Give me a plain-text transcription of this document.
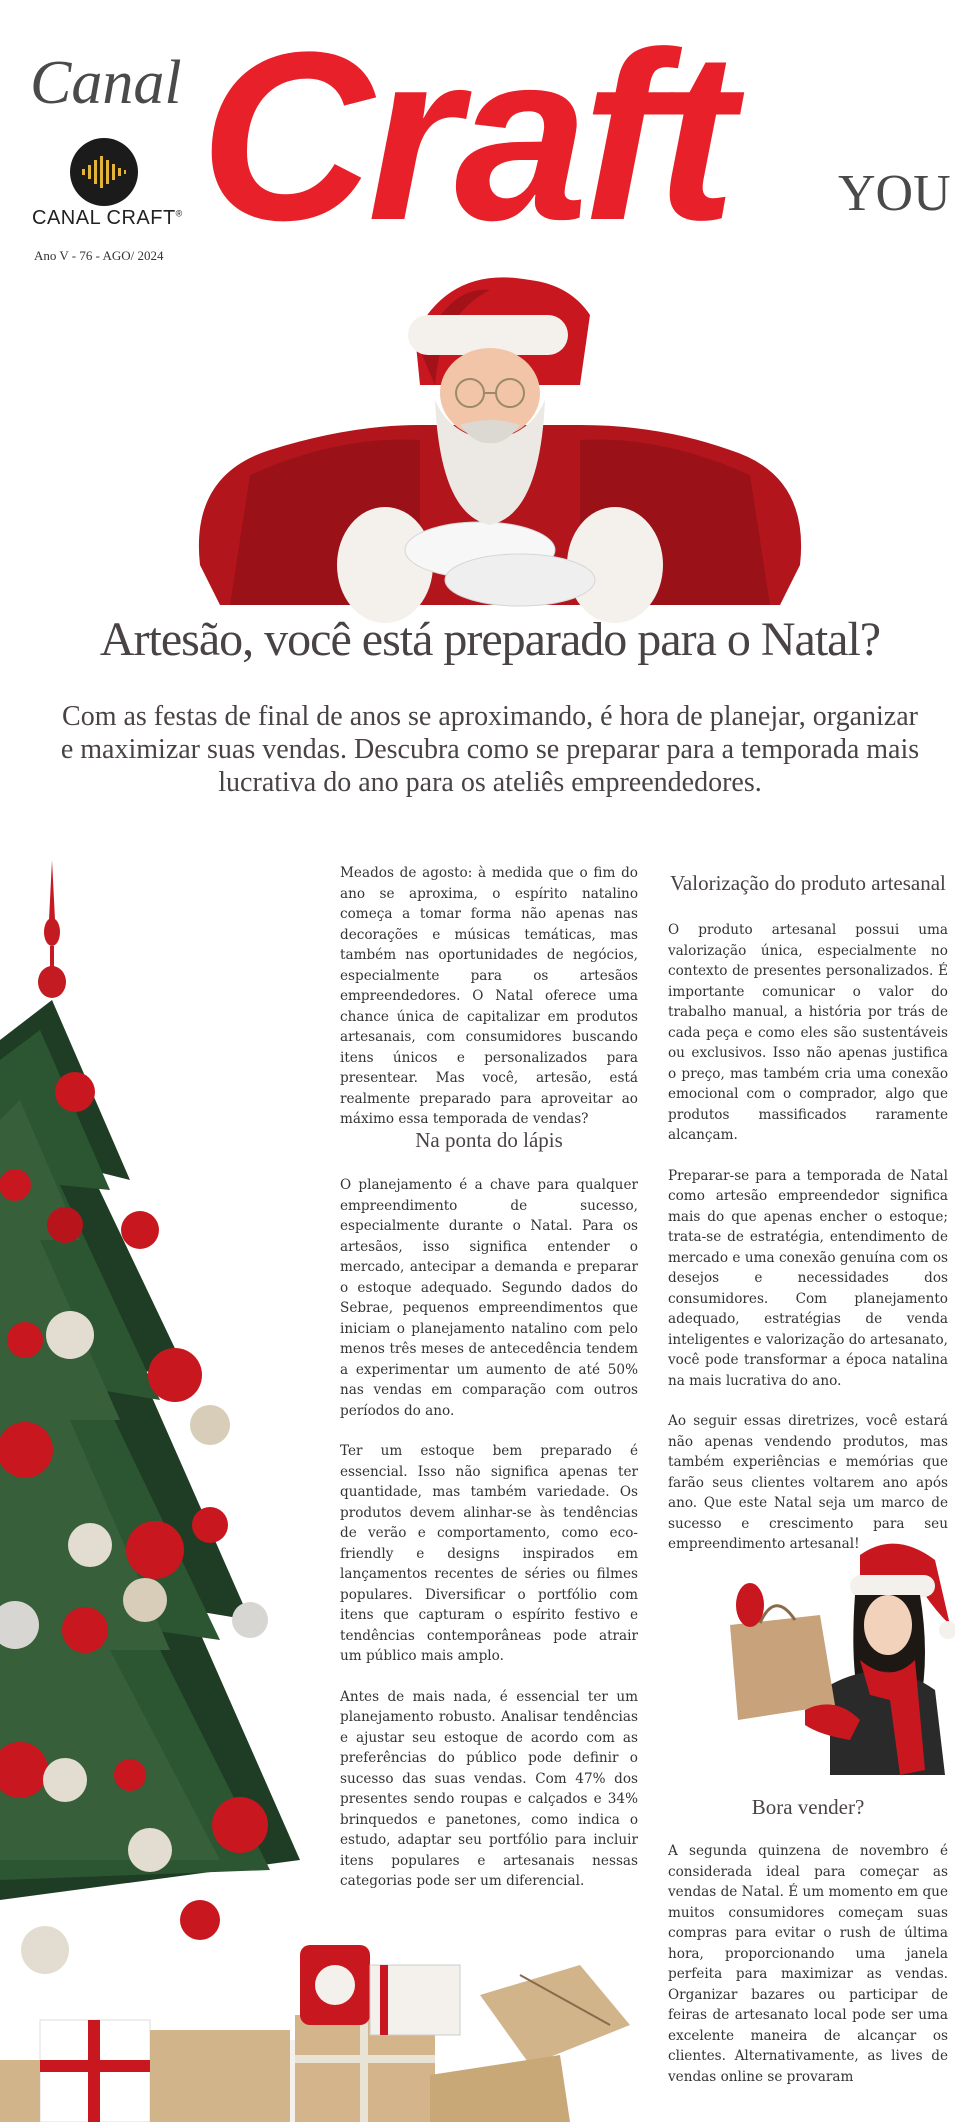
Canal Craft YOU
CANAL CRAFT®
Ano V - 76 - AGO/ 2024
Artesão, você está preparado para o Natal?
Com as festas de final de anos se aproximando, é hora de planejar, organizar e maximizar suas vendas. Descubra como se preparar para a temporada mais lucrativa do ano para os ateliês empreendedores.

Meados de agosto: à medida que o fim do ano se aproxima, o espírito natalino começa a tomar forma não apenas nas decorações e músicas temáticas, mas também nas oportunidades de negócios, especialmente para os artesãos empreendedores. O Natal oferece uma chance única de capitalizar em produtos artesanais, com consumidores buscando itens únicos e personalizados para presentear. Mas você, artesão, está realmente preparado para aproveitar ao máximo essa temporada de vendas?

Na ponta do lápis

O planejamento é a chave para qualquer empreendimento de sucesso, especialmente durante o Natal. Para os artesãos, isso significa entender o mercado, antecipar a demanda e preparar o estoque adequado. Segundo dados do Sebrae, pequenos empreendimentos que iniciam o planejamento natalino com pelo menos três meses de antecedência tendem a experimentar um aumento de até 50% nas vendas em comparação com outros períodos do ano.

Ter um estoque bem preparado é essencial. Isso não significa apenas ter quantidade, mas também variedade. Os produtos devem alinhar-se às tendências de verão e comportamento, como eco-friendly e designs inspirados em lançamentos recentes de séries ou filmes populares. Diversificar o portfólio com itens que capturam o espírito festivo e tendências contemporâneas pode atrair um público mais amplo.

Antes de mais nada, é essencial ter um planejamento robusto. Analisar tendências e ajustar seu estoque de acordo com as preferências do público pode definir o sucesso das suas vendas. Com 47% dos presentes sendo roupas e calçados e 34% brinquedos e panetones, como indica o estudo, adaptar seu portfólio para incluir itens populares e artesanais nessas categorias pode ser um diferencial.

Valorização do produto artesanal

O produto artesanal possui uma valorização única, especialmente no contexto de presentes personalizados. É importante comunicar o valor do trabalho manual, a história por trás de cada peça e como eles são sustentáveis ou exclusivos. Isso não apenas justifica o preço, mas também cria uma conexão emocional com o comprador, algo que produtos massificados raramente alcançam.

Preparar-se para a temporada de Natal como artesão empreendedor significa mais do que apenas encher o estoque; trata-se de estratégia, entendimento de mercado e uma conexão genuína com os desejos e necessidades dos consumidores. Com planejamento adequado, estratégias de venda inteligentes e valorização do artesanato, você pode transformar a época natalina na mais lucrativa do ano.

Ao seguir essas diretrizes, você estará não apenas vendendo produtos, mas também experiências e memórias que farão seus clientes voltarem ano após ano. Que este Natal seja um marco de sucesso e crescimento para seu empreendimento artesanal!

Bora vender?

A segunda quinzena de novembro é considerada ideal para começar as vendas de Natal. É um momento em que muitos consumidores começam suas compras para evitar o rush de última hora, proporcionando uma janela perfeita para maximizar as vendas. Organizar bazares ou participar de feiras de artesanato local pode ser uma excelente maneira de alcançar os clientes. Alternativamente, as lives de vendas online se provaram
